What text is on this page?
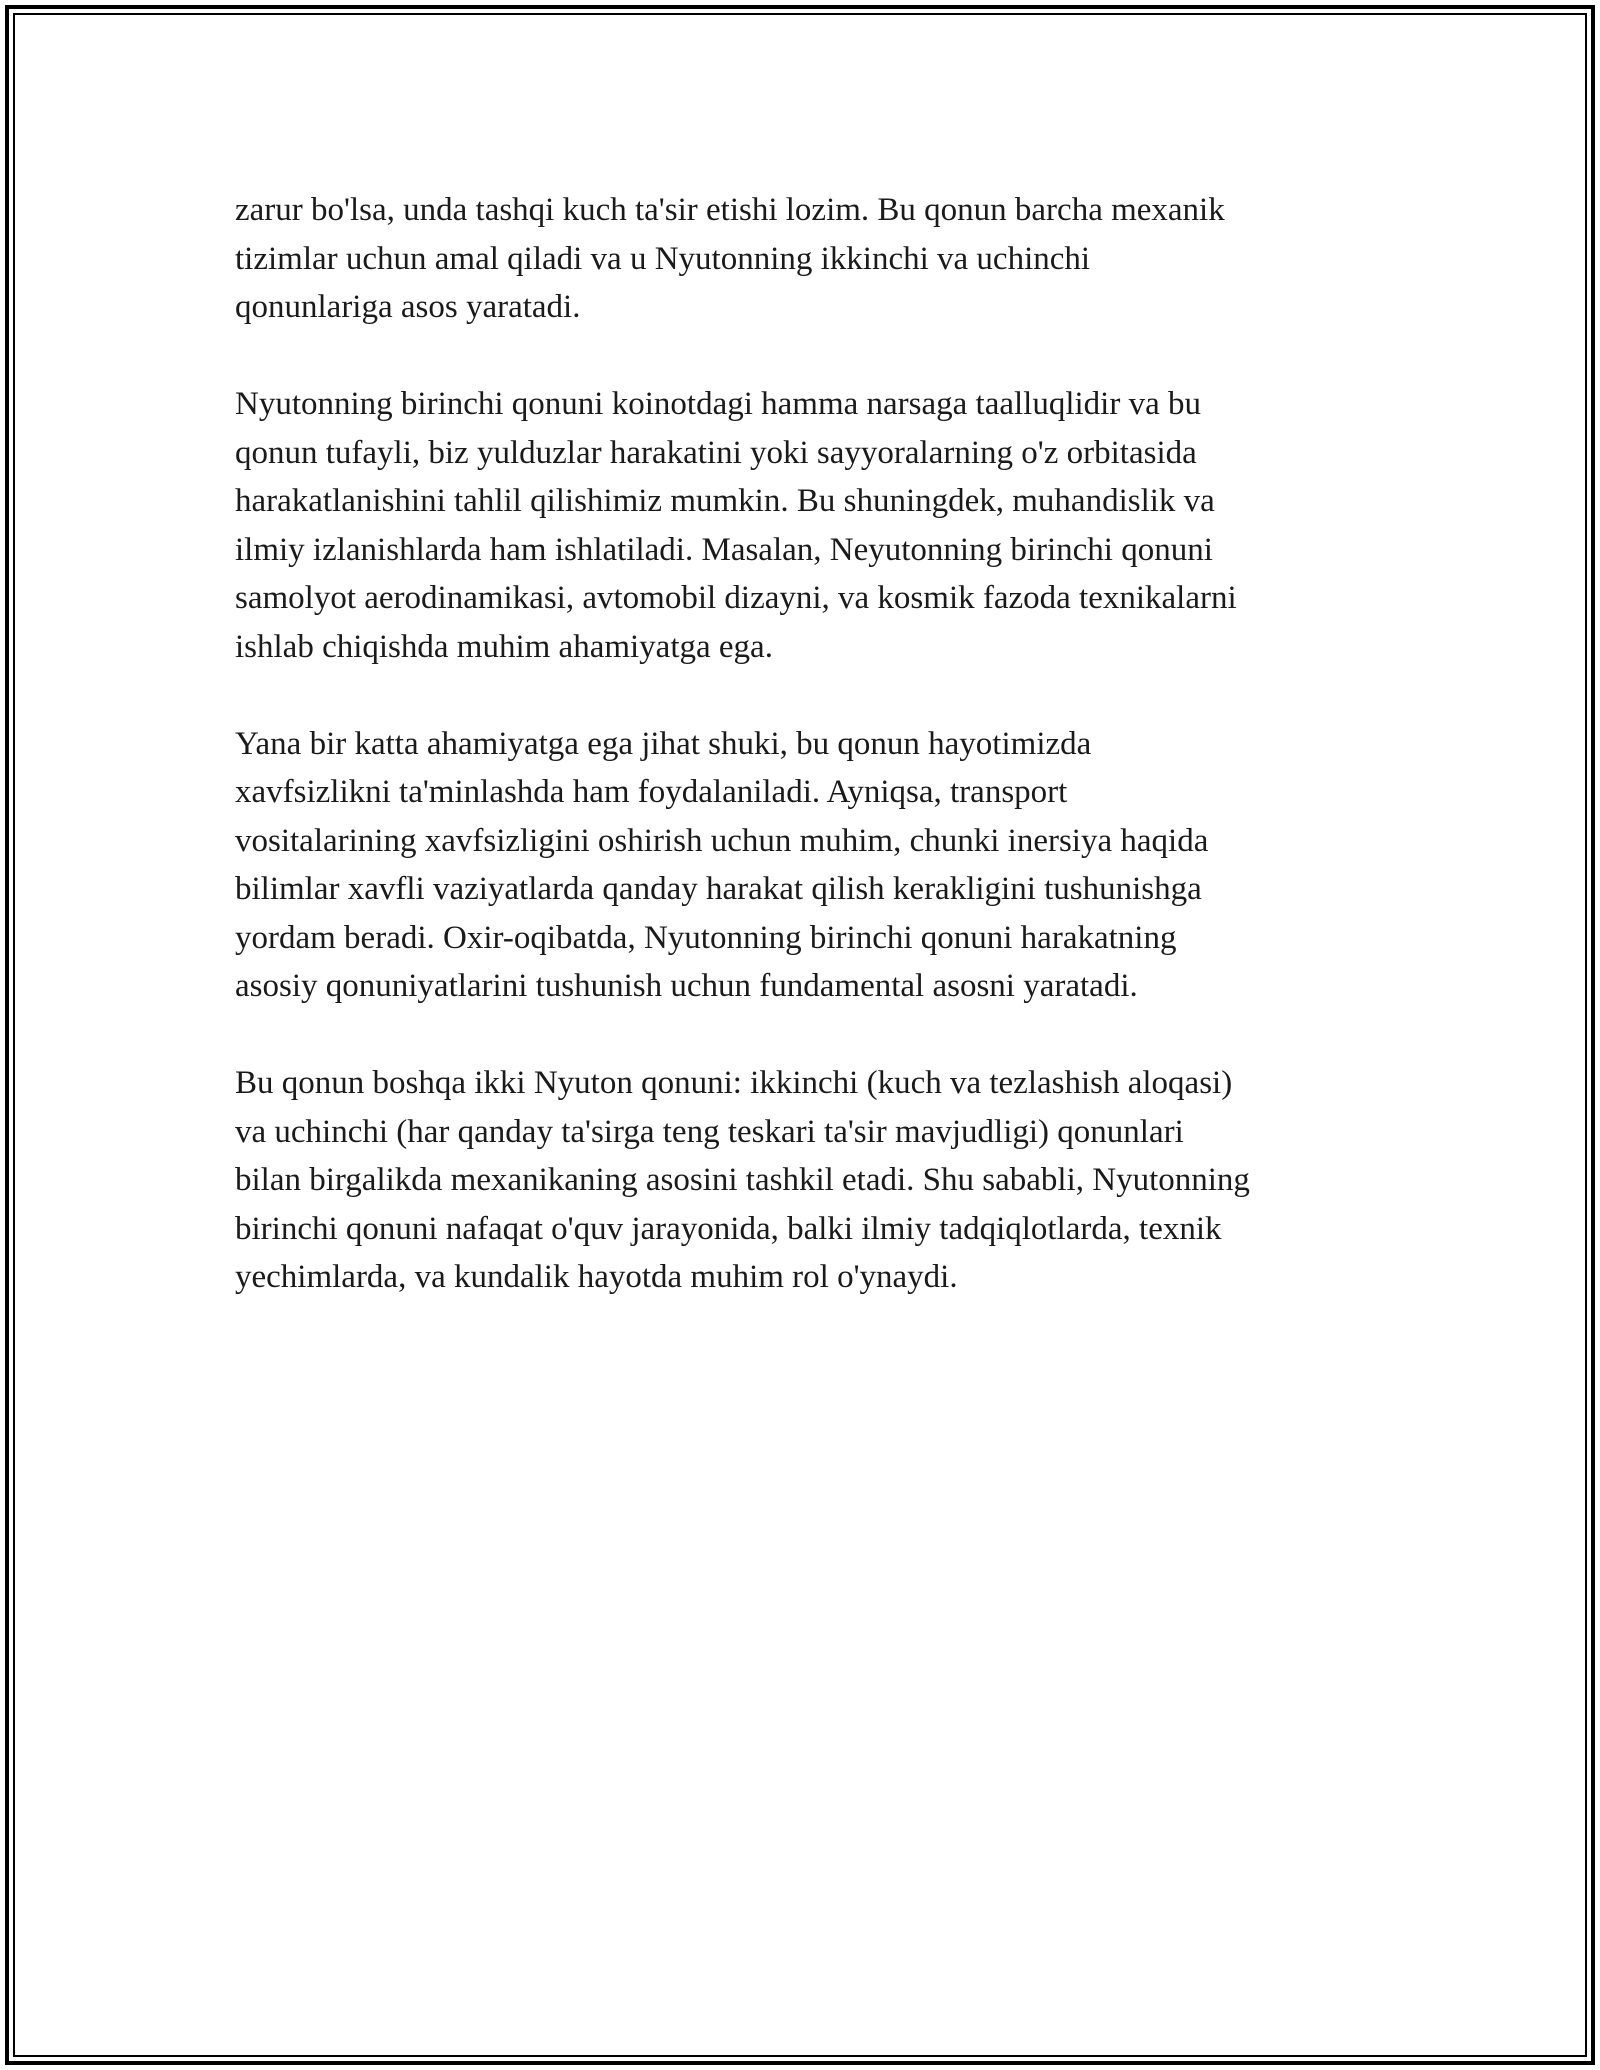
zarur bo'lsa, unda tashqi kuch ta'sir etishi lozim. Bu qonun barcha mexanik
tizimlar uchun amal qiladi va u Nyutonning ikkinchi va uchinchi
qonunlariga asos yaratadi.

Nyutonning birinchi qonuni koinotdagi hamma narsaga taalluqlidir va bu
qonun tufayli, biz yulduzlar harakatini yoki sayyoralarning o'z orbitasida
harakatlanishini tahlil qilishimiz mumkin. Bu shuningdek, muhandislik va
ilmiy izlanishlarda ham ishlatiladi. Masalan, Neyutonning birinchi qonuni
samolyot aerodinamikasi, avtomobil dizayni, va kosmik fazoda texnikalarni
ishlab chiqishda muhim ahamiyatga ega.

Yana bir katta ahamiyatga ega jihat shuki, bu qonun hayotimizda
xavfsizlikni ta'minlashda ham foydalaniladi. Ayniqsa, transport
vositalarining xavfsizligini oshirish uchun muhim, chunki inersiya haqida
bilimlar xavfli vaziyatlarda qanday harakat qilish kerakligini tushunishga
yordam beradi. Oxir-oqibatda, Nyutonning birinchi qonuni harakatning
asosiy qonuniyatlarini tushunish uchun fundamental asosni yaratadi.

Bu qonun boshqa ikki Nyuton qonuni: ikkinchi (kuch va tezlashish aloqasi)
va uchinchi (har qanday ta'sirga teng teskari ta'sir mavjudligi) qonunlari
bilan birgalikda mexanikaning asosini tashkil etadi. Shu sababli, Nyutonning
birinchi qonuni nafaqat o'quv jarayonida, balki ilmiy tadqiqlotlarda, texnik
yechimlarda, va kundalik hayotda muhim rol o'ynaydi.
